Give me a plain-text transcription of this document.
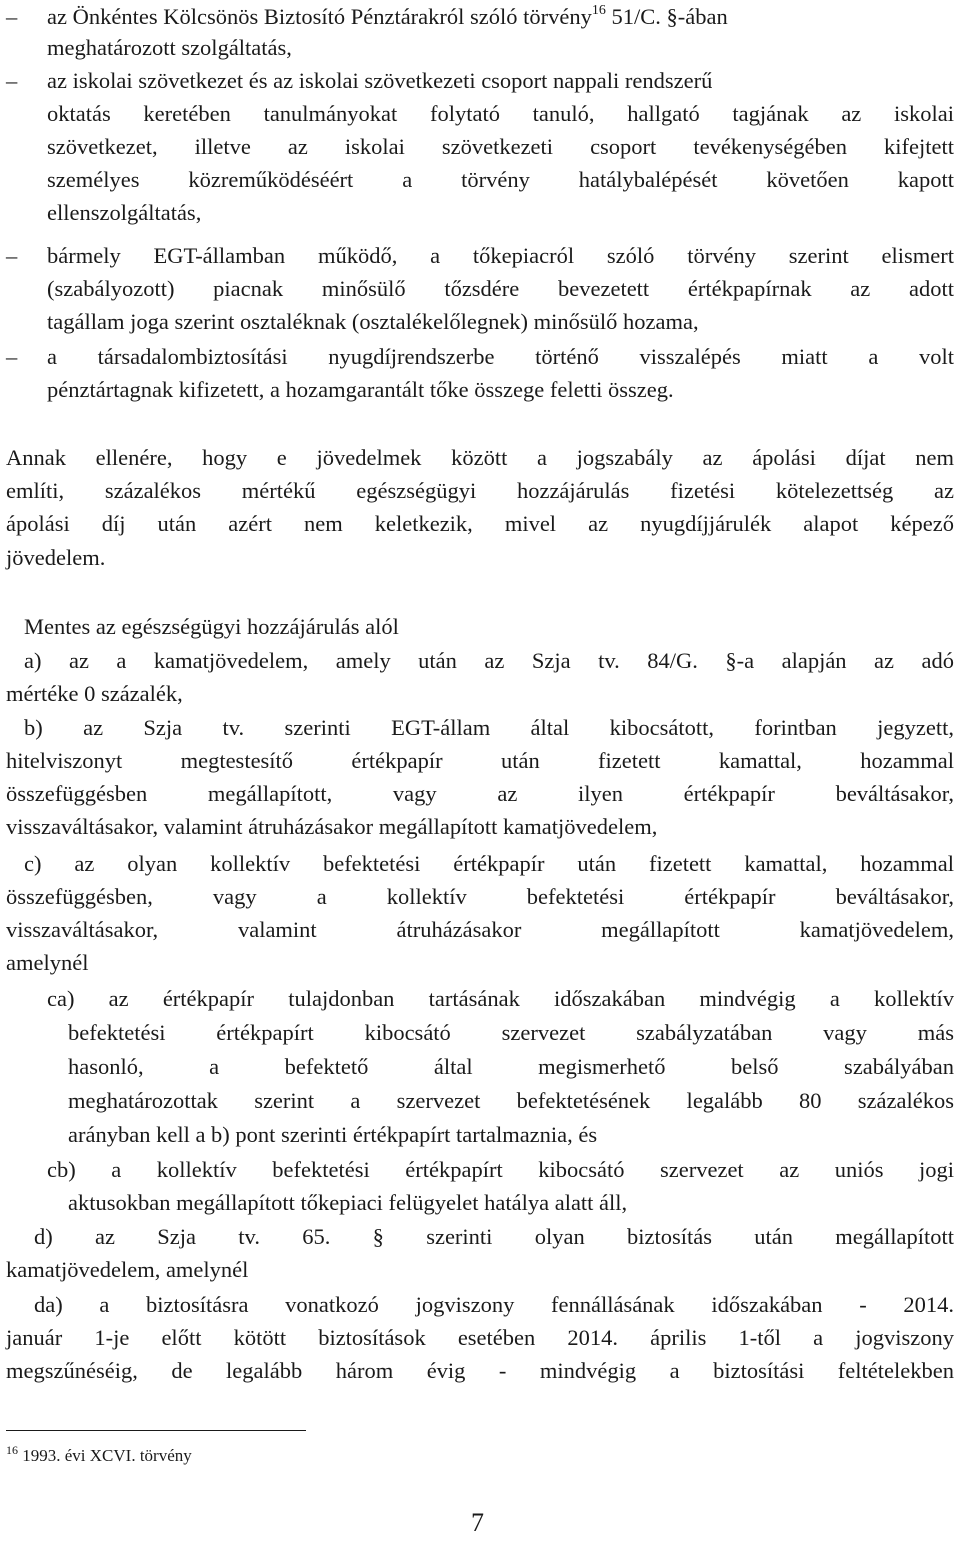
– az Önkéntes Kölcsönös Biztosító Pénztárakról szóló törvény$^{16}$ 51/C. §-ában
meghatározott szolgáltatás,
– az iskolai szövetkezet és az iskolai szövetkezeti csoport nappali rendszerű
oktatás keretében tanulmányokat folytató tanuló, hallgató tagjának az iskolai
szövetkezet, illetve az iskolai szövetkezeti csoport tevékenységében kifejtett
személyes közreműködéséért a törvény hatálybalépését követően kapott
ellenszolgáltatás,
– bármely EGT-államban működő, a tőkepiacról szóló törvény szerint elismert
(szabályozott) piacnak minősülő tőzsdére bevezetett értékpapírnak az adott
tagállam joga szerint osztaléknak (osztalékelőlegnek) minősülő hozama,
– a társadalombiztosítási nyugdíjrendszerbe történő visszalépés miatt a volt
pénztártagnak kifizetett, a hozamgarantált tőke összege feletti összeg.
Annak ellenére, hogy e jövedelmek között a jogszabály az ápolási díjat nem
említi, százalékos mértékű egészségügyi hozzájárulás fizetési kötelezettség az
ápolási díj után azért nem keletkezik, mivel az nyugdíjjárulék alapot képező
jövedelem.
Mentes az egészségügyi hozzájárulás alól
a) az a kamatjövedelem, amely után az Szja tv. 84/G. §-a alapján az adó
mértéke 0 százalék,
b) az Szja tv. szerinti EGT-állam által kibocsátott, forintban jegyzett,
hitelviszonyt megtestesítő értékpapír után fizetett kamattal, hozammal
összefüggésben megállapított, vagy az ilyen értékpapír beváltásakor,
visszaváltásakor, valamint átruházásakor megállapított kamatjövedelem,
c) az olyan kollektív befektetési értékpapír után fizetett kamattal, hozammal
összefüggésben, vagy a kollektív befektetési értékpapír beváltásakor,
visszaváltásakor, valamint átruházásakor megállapított kamatjövedelem,
amelynél
ca) az értékpapír tulajdonban tartásának időszakában mindvégig a kollektív
befektetési értékpapírt kibocsátó szervezet szabályzatában vagy más
hasonló, a befektető által megismerhető belső szabályában
meghatározottak szerint a szervezet befektetésének legalább 80 százalékos
arányban kell a b) pont szerinti értékpapírt tartalmaznia, és
cb) a kollektív befektetési értékpapírt kibocsátó szervezet az uniós jogi
aktusokban megállapított tőkepiaci felügyelet hatálya alatt áll,
d) az Szja tv. 65. § szerinti olyan biztosítás után megállapított
kamatjövedelem, amelynél
da) a biztosításra vonatkozó jogviszony fennállásának időszakában - 2014.
január 1-je előtt kötött biztosítások esetében 2014. április 1-től a jogviszony
megszűnéséig, de legalább három évig - mindvégig a biztosítási feltételekben
$^{16}$ 1993. évi XCVI. törvény
7
